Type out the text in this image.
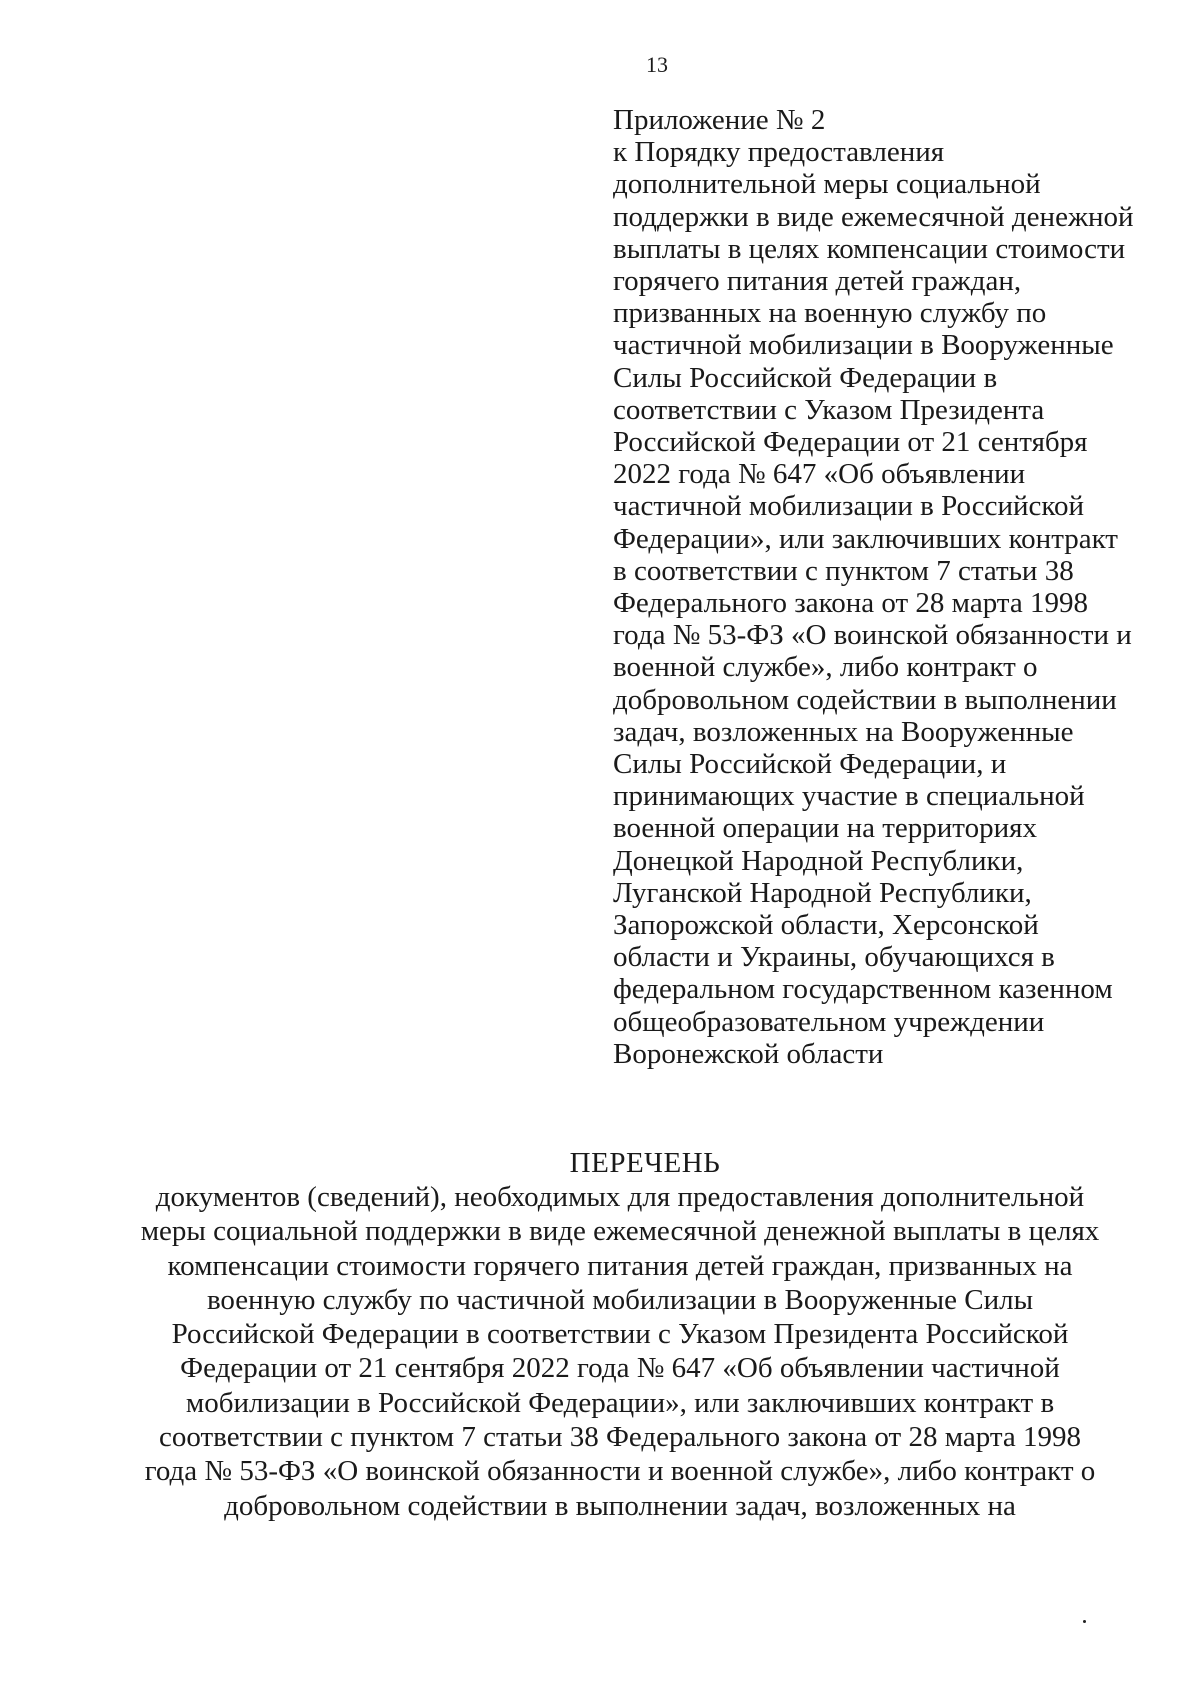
13
Приложение № 2
к Порядку предоставления
дополнительной меры социальной
поддержки в виде ежемесячной денежной
выплаты в целях компенсации стоимости
горячего питания детей граждан,
призванных на военную службу по
частичной мобилизации в Вооруженные
Силы Российской Федерации в
соответствии с Указом Президента
Российской Федерации от 21 сентября
2022 года № 647 «Об объявлении
частичной мобилизации в Российской
Федерации», или заключивших контракт
в соответствии с пунктом 7 статьи 38
Федерального закона от 28 марта 1998
года № 53-ФЗ «О воинской обязанности и
военной службе», либо контракт о
добровольном содействии в выполнении
задач, возложенных на Вооруженные
Силы Российской Федерации, и
принимающих участие в специальной
военной операции на территориях
Донецкой Народной Республики,
Луганской Народной Республики,
Запорожской области, Херсонской
области и Украины, обучающихся в
федеральном государственном казенном
общеобразовательном учреждении
Воронежской области
ПЕРЕЧЕНЬ
документов (сведений), необходимых для предоставления дополнительной
меры социальной поддержки в виде ежемесячной денежной выплаты в целях
компенсации стоимости горячего питания детей граждан, призванных на
военную службу по частичной мобилизации в Вооруженные Силы
Российской Федерации в соответствии с Указом Президента Российской
Федерации от 21 сентября 2022 года № 647 «Об объявлении частичной
мобилизации в Российской Федерации», или заключивших контракт в
соответствии с пунктом 7 статьи 38 Федерального закона от 28 марта 1998
года № 53-ФЗ «О воинской обязанности и военной службе», либо контракт о
добровольном содействии в выполнении задач, возложенных на
